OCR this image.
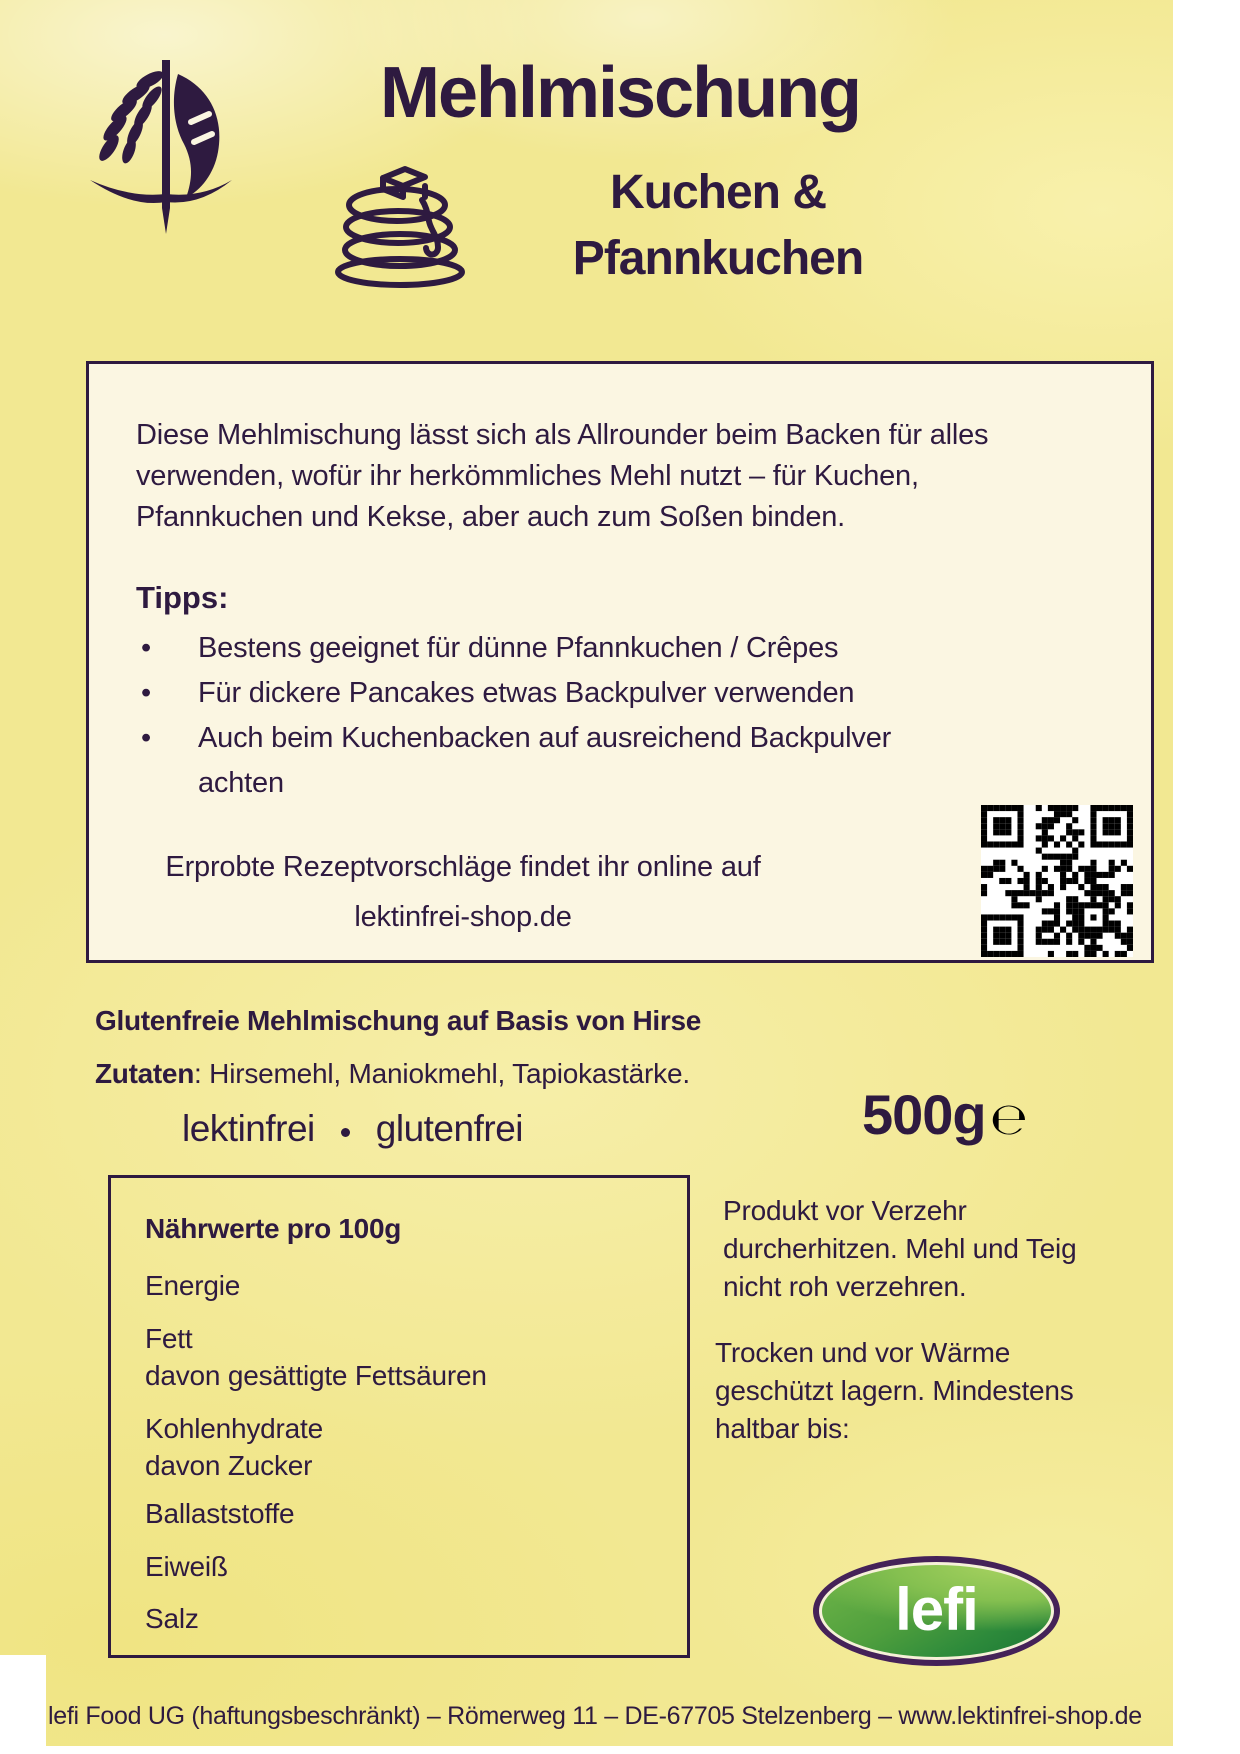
Mehlmischung
Kuchen &
Pfannkuchen

Diese Mehlmischung lässt sich als Allrounder beim Backen für alles verwenden, wofür ihr herkömmliches Mehl nutzt – für Kuchen, Pfannkuchen und Kekse, aber auch zum Soßen binden.

Tipps:
• Bestens geeignet für dünne Pfannkuchen / Crêpes
• Für dickere Pancakes etwas Backpulver verwenden
• Auch beim Kuchenbacken auf ausreichend Backpulver achten
Erprobte Rezeptvorschläge findet ihr online auf
lektinfrei-shop.de
Glutenfreie Mehlmischung auf Basis von Hirse
Zutaten: Hirsemehl, Maniokmehl, Tapiokastärke.
lektinfrei glutenfrei	500g ℮
Nährwerte pro 100g
Energie
Fett
davon gesättigte Fettsäuren
Kohlenhydrate
davon Zucker
Ballaststoffe
Eiweiß
Salz

Produkt vor Verzehr durcherhitzen. Mehl und Teig nicht roh verzehren.

Trocken und vor Wärme geschützt lagern. Mindestens haltbar bis:

lefi
lefi Food UG (haftungsbeschränkt) – Römerweg 11 – DE-67705 Stelzenberg – www.lektinfrei-shop.de
